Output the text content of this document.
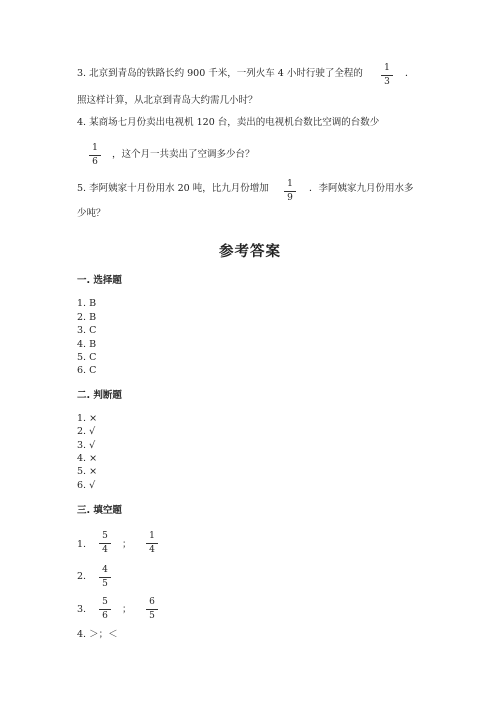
3. 北京到青岛的铁路长约 900 千米，一列火车 4 小时行驶了全程的	1
3
．
照这样计算，从北京到青岛大约需几小时？
4. 某商场七月份卖出电视机 120 台，卖出的电视机台数比空调的台数少
1
6
，这个月一共卖出了空调多少台？
5. 李阿姨家十月份用水 20 吨，比九月份增加	1
9
．李阿姨家九月份用水多
少吨？
参考答案
一. 选择题
1. B
2. B
3. C
4. B
5. C
6. C
二. 判断题
1. ×
2. √
3. √
4. ×
5. ×
6. √
三. 填空题
1.
5
4	；
1
4
2.
4
5
3.
5
6
；
6
5
4. ＞；＜
